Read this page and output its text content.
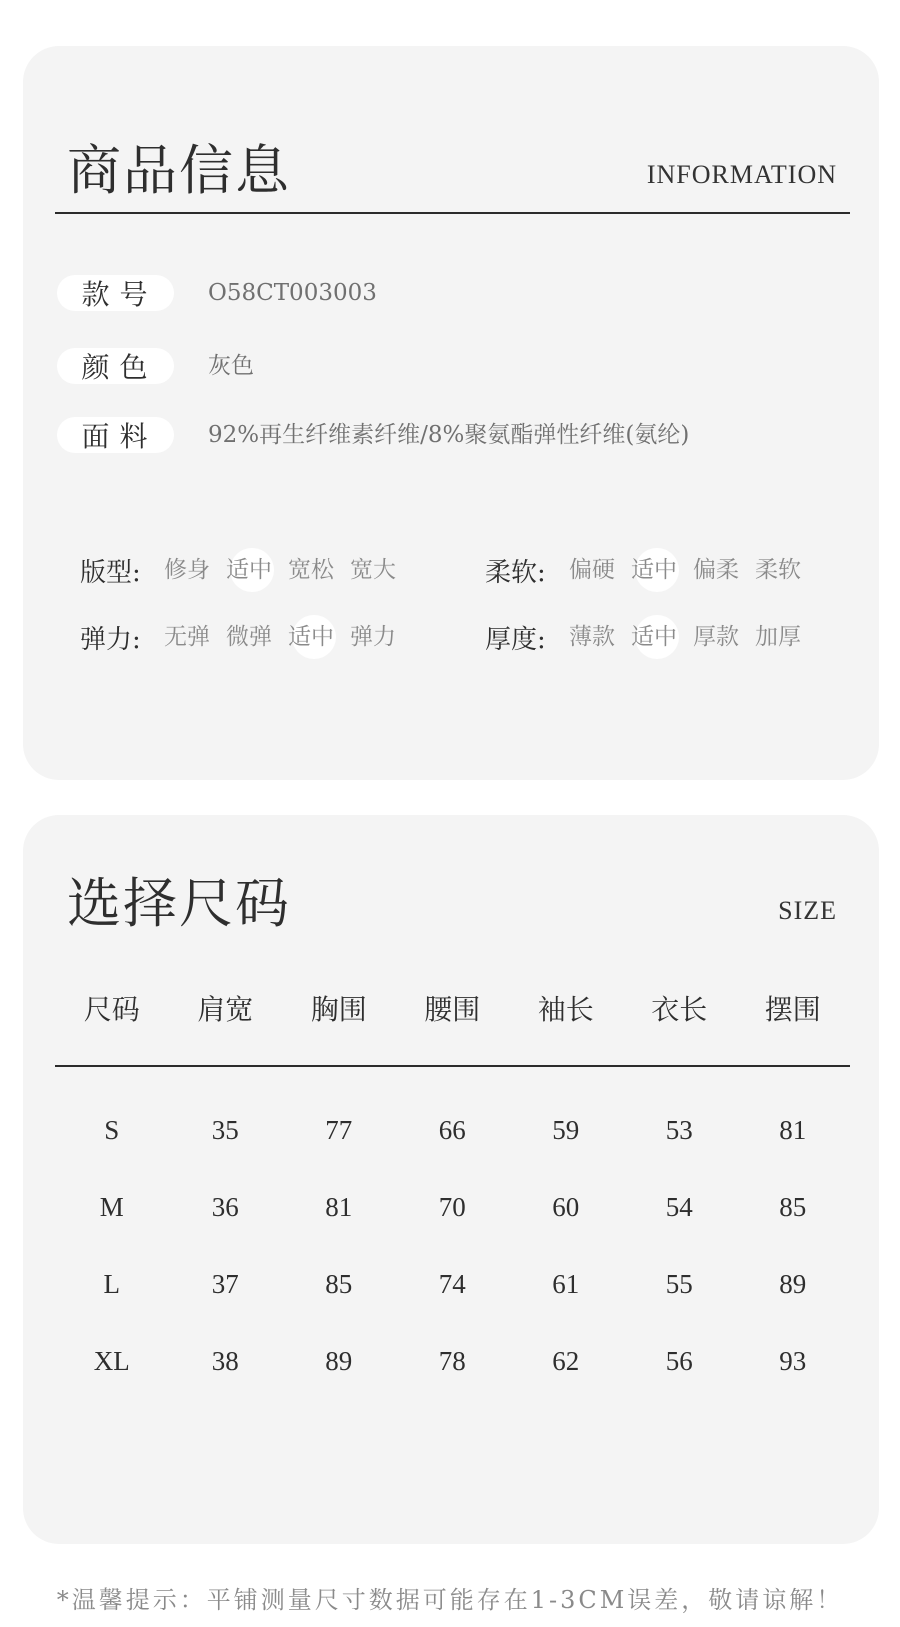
商品信息	INFORMATION
款号	O58CT003003
颜色	灰色
面料	92%再生纤维素纤维/8%聚氨酯弹性纤维(氨纶)
版型:	修身 适中 宽松 宽大	柔软:	偏硬 适中 偏柔 柔软
弹力:	无弹 微弹 适中 弹力	厚度:	薄款 适中 厚款 加厚
选择尺码	SIZE
尺码	肩宽	胸围	腰围	袖长	衣长	摆围
S	35	77	66	59	53	81
M	36	81	70	60	54	85
L	37	85	74	61	55	89
XL	38	89	78	62	56	93
*温馨提示：平铺测量尺寸数据可能存在1-3CM误差，敬请谅解！
